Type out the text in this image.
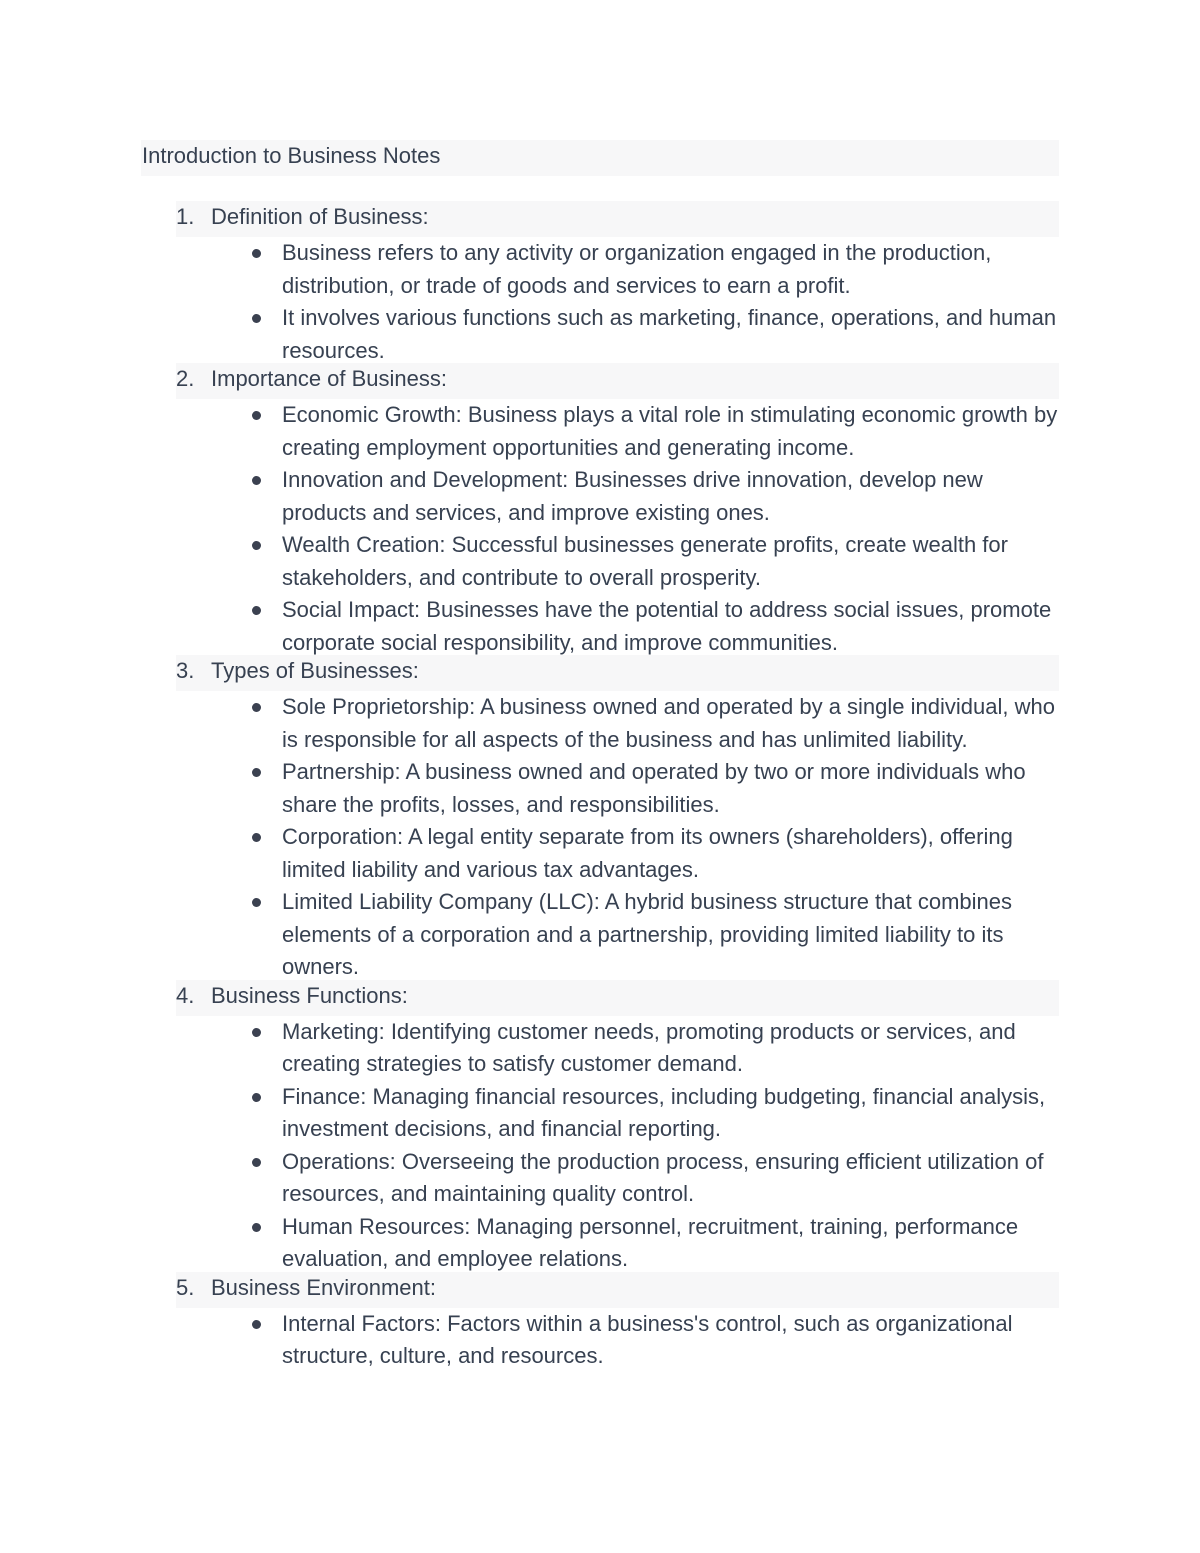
Introduction to Business Notes
1. Definition of Business:
Business refers to any activity or organization engaged in the production, distribution, or trade of goods and services to earn a profit.
It involves various functions such as marketing, finance, operations, and human resources.
2. Importance of Business:
Economic Growth: Business plays a vital role in stimulating economic growth by creating employment opportunities and generating income.
Innovation and Development: Businesses drive innovation, develop new products and services, and improve existing ones.
Wealth Creation: Successful businesses generate profits, create wealth for stakeholders, and contribute to overall prosperity.
Social Impact: Businesses have the potential to address social issues, promote corporate social responsibility, and improve communities.
3. Types of Businesses:
Sole Proprietorship: A business owned and operated by a single individual, who is responsible for all aspects of the business and has unlimited liability.
Partnership: A business owned and operated by two or more individuals who share the profits, losses, and responsibilities.
Corporation: A legal entity separate from its owners (shareholders), offering limited liability and various tax advantages.
Limited Liability Company (LLC): A hybrid business structure that combines elements of a corporation and a partnership, providing limited liability to its owners.
4. Business Functions:
Marketing: Identifying customer needs, promoting products or services, and creating strategies to satisfy customer demand.
Finance: Managing financial resources, including budgeting, financial analysis, investment decisions, and financial reporting.
Operations: Overseeing the production process, ensuring efficient utilization of resources, and maintaining quality control.
Human Resources: Managing personnel, recruitment, training, performance evaluation, and employee relations.
5. Business Environment:
Internal Factors: Factors within a business's control, such as organizational structure, culture, and resources.
